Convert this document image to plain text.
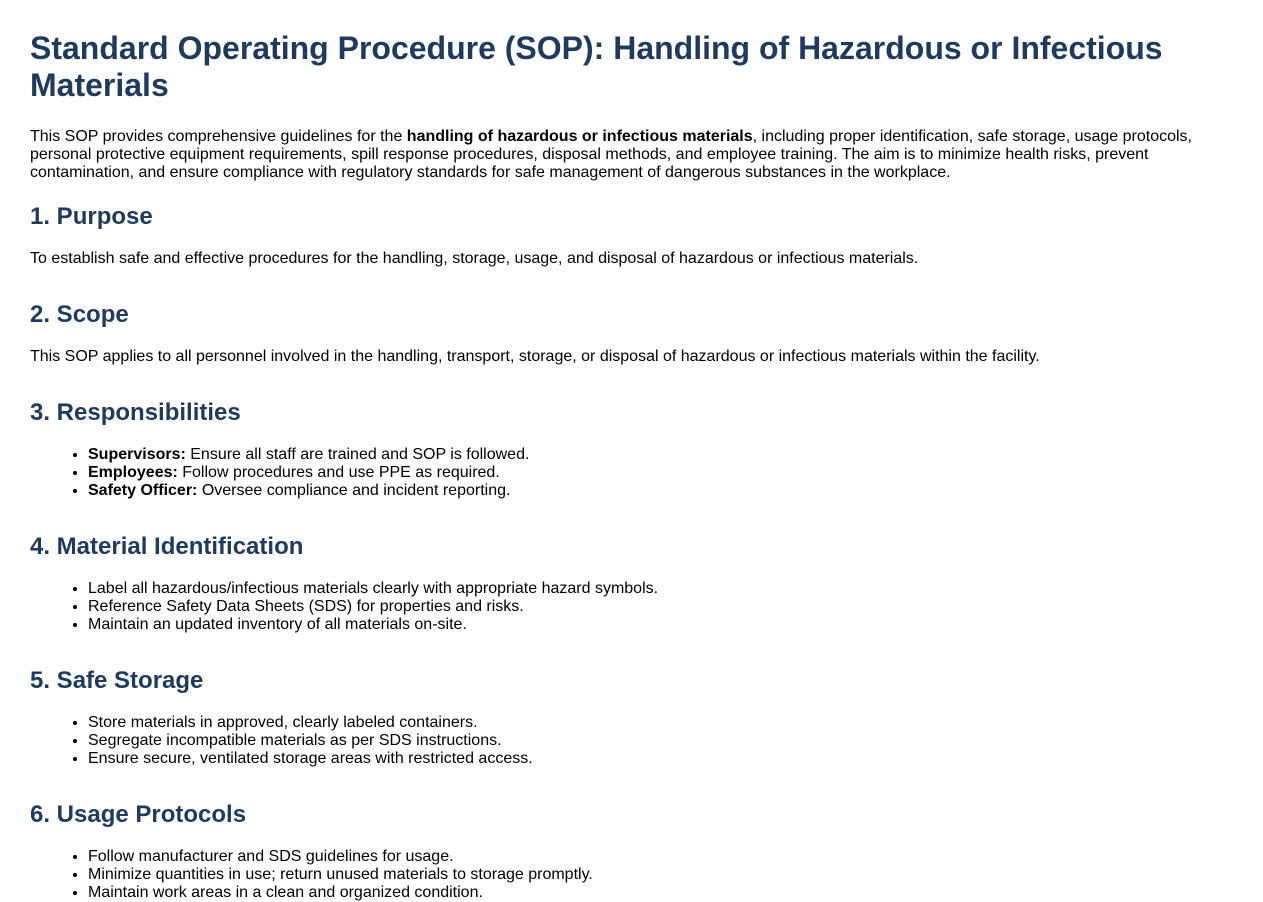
Standard Operating Procedure (SOP): Handling of Hazardous or Infectious Materials

This SOP provides comprehensive guidelines for the handling of hazardous or infectious materials, including proper identification, safe storage, usage protocols, personal protective equipment requirements, spill response procedures, disposal methods, and employee training. The aim is to minimize health risks, prevent contamination, and ensure compliance with regulatory standards for safe management of dangerous substances in the workplace.

1. Purpose

To establish safe and effective procedures for the handling, storage, usage, and disposal of hazardous or infectious materials.

2. Scope

This SOP applies to all personnel involved in the handling, transport, storage, or disposal of hazardous or infectious materials within the facility.

3. Responsibilities
• Supervisors: Ensure all staff are trained and SOP is followed.
• Employees: Follow procedures and use PPE as required.
• Safety Officer: Oversee compliance and incident reporting.
4. Material Identification
• Label all hazardous/infectious materials clearly with appropriate hazard symbols.
• Reference Safety Data Sheets (SDS) for properties and risks.
• Maintain an updated inventory of all materials on-site.
5. Safe Storage
• Store materials in approved, clearly labeled containers.
• Segregate incompatible materials as per SDS instructions.
• Ensure secure, ventilated storage areas with restricted access.
6. Usage Protocols
• Follow manufacturer and SDS guidelines for usage.
• Minimize quantities in use; return unused materials to storage promptly.
• Maintain work areas in a clean and organized condition.
